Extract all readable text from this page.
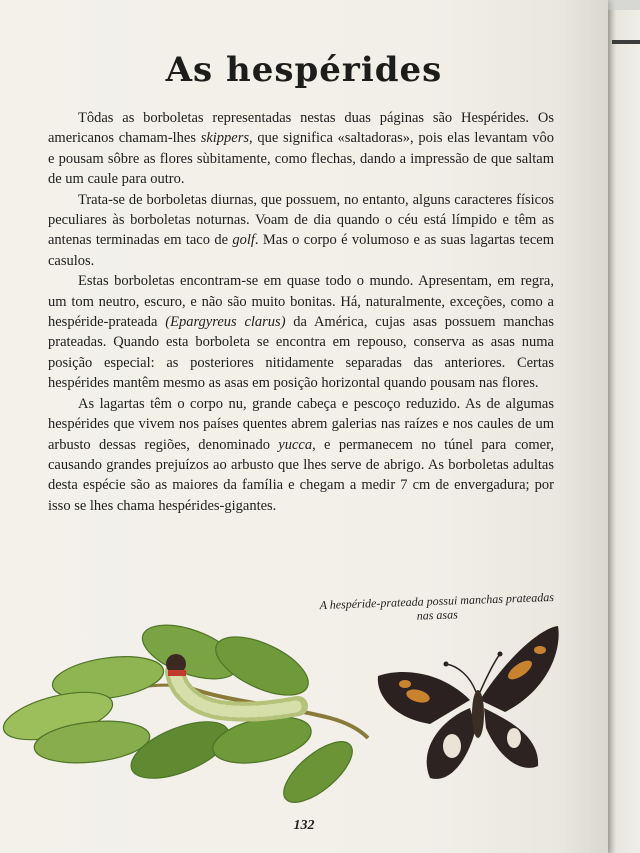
As hespérides

Tôdas as borboletas representadas nestas duas páginas são Hespérides. Os americanos chamam-lhes skippers, que significa «saltadoras», pois elas levantam vôo e pousam sôbre as flores sùbitamente, como flechas, dando a impressão de que saltam de um caule para outro.

Trata-se de borboletas diurnas, que possuem, no entanto, alguns caracteres físicos peculiares às borboletas noturnas. Voam de dia quando o céu está límpido e têm as antenas terminadas em taco de golf. Mas o corpo é volumoso e as suas lagartas tecem casulos.

Estas borboletas encontram-se em quase todo o mundo. Apresentam, em regra, um tom neutro, escuro, e não são muito bonitas. Há, naturalmente, exceções, como a hespéride-prateada (Epargyreus clarus) da América, cujas asas possuem manchas prateadas. Quando esta borboleta se encontra em repouso, conserva as asas numa posição especial: as posteriores nitidamente separadas das anteriores. Certas hespérides mantêm mesmo as asas em posição horizontal quando pousam nas flores.

As lagartas têm o corpo nu, grande cabeça e pescoço reduzido. As de algumas hespérides que vivem nos países quentes abrem galerias nas raízes e nos caules de um arbusto dessas regiões, denominado yucca, e permanecem no túnel para comer, causando grandes prejuízos ao arbusto que lhes serve de abrigo. As borboletas adultas desta espécie são as maiores da família e chegam a medir 7 cm de envergadura; por isso se lhes chama hespérides-gigantes.

A hespéride-prateada possui manchas prateadas nas asas
132
